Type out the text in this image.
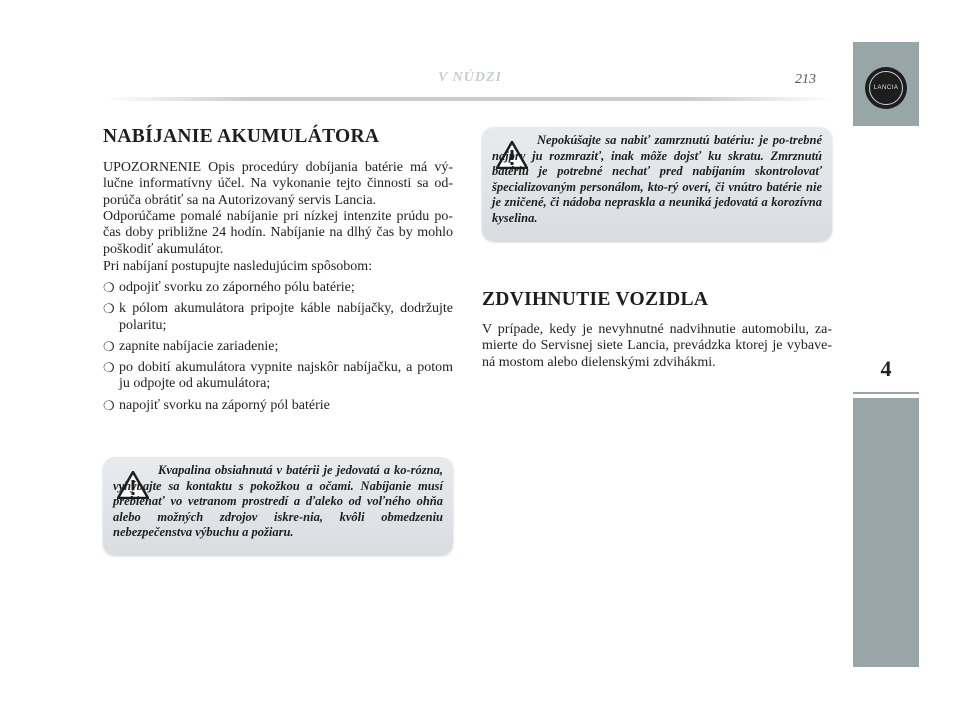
V NÚDZI	213
4
LANCIA
NABÍJANIE AKUMULÁTORA

UPOZORNENIE Opis procedúry dobíjania batérie má vý-lučne informatívny účel. Na vykonanie tejto činnosti sa od-porúča obrátiť sa na Autorizovaný servis Lancia.

Odporúčame pomalé nabíjanie pri nízkej intenzite prúdu po-čas doby približne 24 hodín. Nabíjanie na dlhý čas by mohlo poškodiť akumulátor.

Pri nabíjaní postupujte nasledujúcim spôsobom:

❍ odpojiť svorku zo záporného pólu batérie;
❍ k pólom akumulátora pripojte káble nabíjačky, dodržujte polaritu;
❍ zapnite nabíjacie zariadenie;
❍ po dobití akumulátora vypnite najskôr nabíjačku, a potom ju odpojte od akumulátora;
❍ napojiť svorku na záporný pól batérie

Kvapalina obsiahnutá v batérii je jedovatá a ko-rózna, vyhýbajte sa kontaktu s pokožkou a očami. Nabíjanie musí prebiehať vo vetranom prostredí a ďaleko od voľného ohňa alebo možných zdrojov iskre-nia, kvôli obmedzeniu nebezpečenstva výbuchu a požiaru.

Nepokúšajte sa nabiť zamrznutú batériu: je po-trebné najprv ju rozmraziť, inak môže dojsť ku skratu. Zmrznutú batériu je potrebné nechať pred nabíjaním skontrolovať špecializovaným personálom, kto-rý overí, či vnútro batérie nie je zničené, či nádoba nepraskla a neuniká jedovatá a korozívna kyselina.

ZDVIHNUTIE VOZIDLA

V prípade, kedy je nevyhnutné nadvihnutie automobilu, za-mierte do Servisnej siete Lancia, prevádzka ktorej je vybave-ná mostom alebo dielenskými zdvihákmi.
